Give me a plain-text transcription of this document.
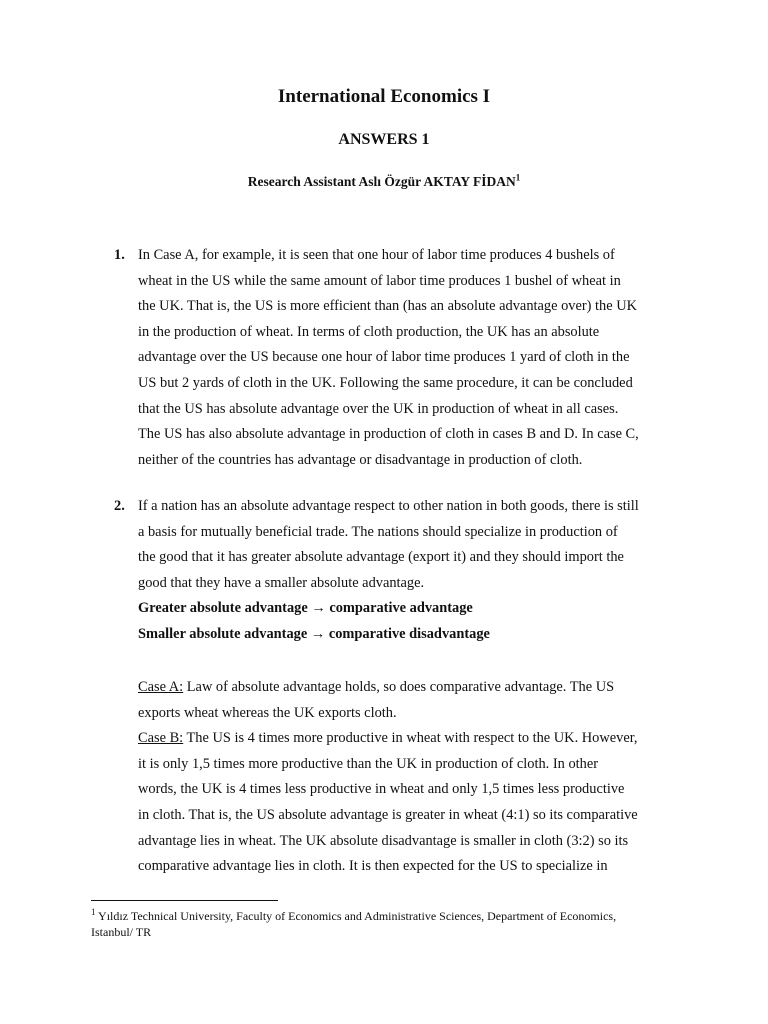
International Economics I
ANSWERS 1
Research Assistant Aslı Özgür AKTAY FİDAN$^1$
1. In Case A, for example, it is seen that one hour of labor time produces 4 bushels of
wheat in the US while the same amount of labor time produces 1 bushel of wheat in
the UK. That is, the US is more efficient than (has an absolute advantage over) the UK
in the production of wheat. In terms of cloth production, the UK has an absolute
advantage over the US because one hour of labor time produces 1 yard of cloth in the
US but 2 yards of cloth in the UK. Following the same procedure, it can be concluded
that the US has absolute advantage over the UK in production of wheat in all cases.
The US has also absolute advantage in production of cloth in cases B and D. In case C,
neither of the countries has advantage or disadvantage in production of cloth.
2. If a nation has an absolute advantage respect to other nation in both goods, there is still
a basis for mutually beneficial trade. The nations should specialize in production of
the good that it has greater absolute advantage (export it) and they should import the
good that they have a smaller absolute advantage.
Greater absolute advantage → comparative advantage
Smaller absolute advantage → comparative disadvantage
Case A: Law of absolute advantage holds, so does comparative advantage. The US
exports wheat whereas the UK exports cloth.
Case B: The US is 4 times more productive in wheat with respect to the UK. However,
it is only 1,5 times more productive than the UK in production of cloth. In other
words, the UK is 4 times less productive in wheat and only 1,5 times less productive
in cloth. That is, the US absolute advantage is greater in wheat (4:1) so its comparative
advantage lies in wheat. The UK absolute disadvantage is smaller in cloth (3:2) so its
comparative advantage lies in cloth. It is then expected for the US to specialize in
$^1$ Yıldız Technical University, Faculty of Economics and Administrative Sciences, Department of Economics,
Istanbul/ TR
